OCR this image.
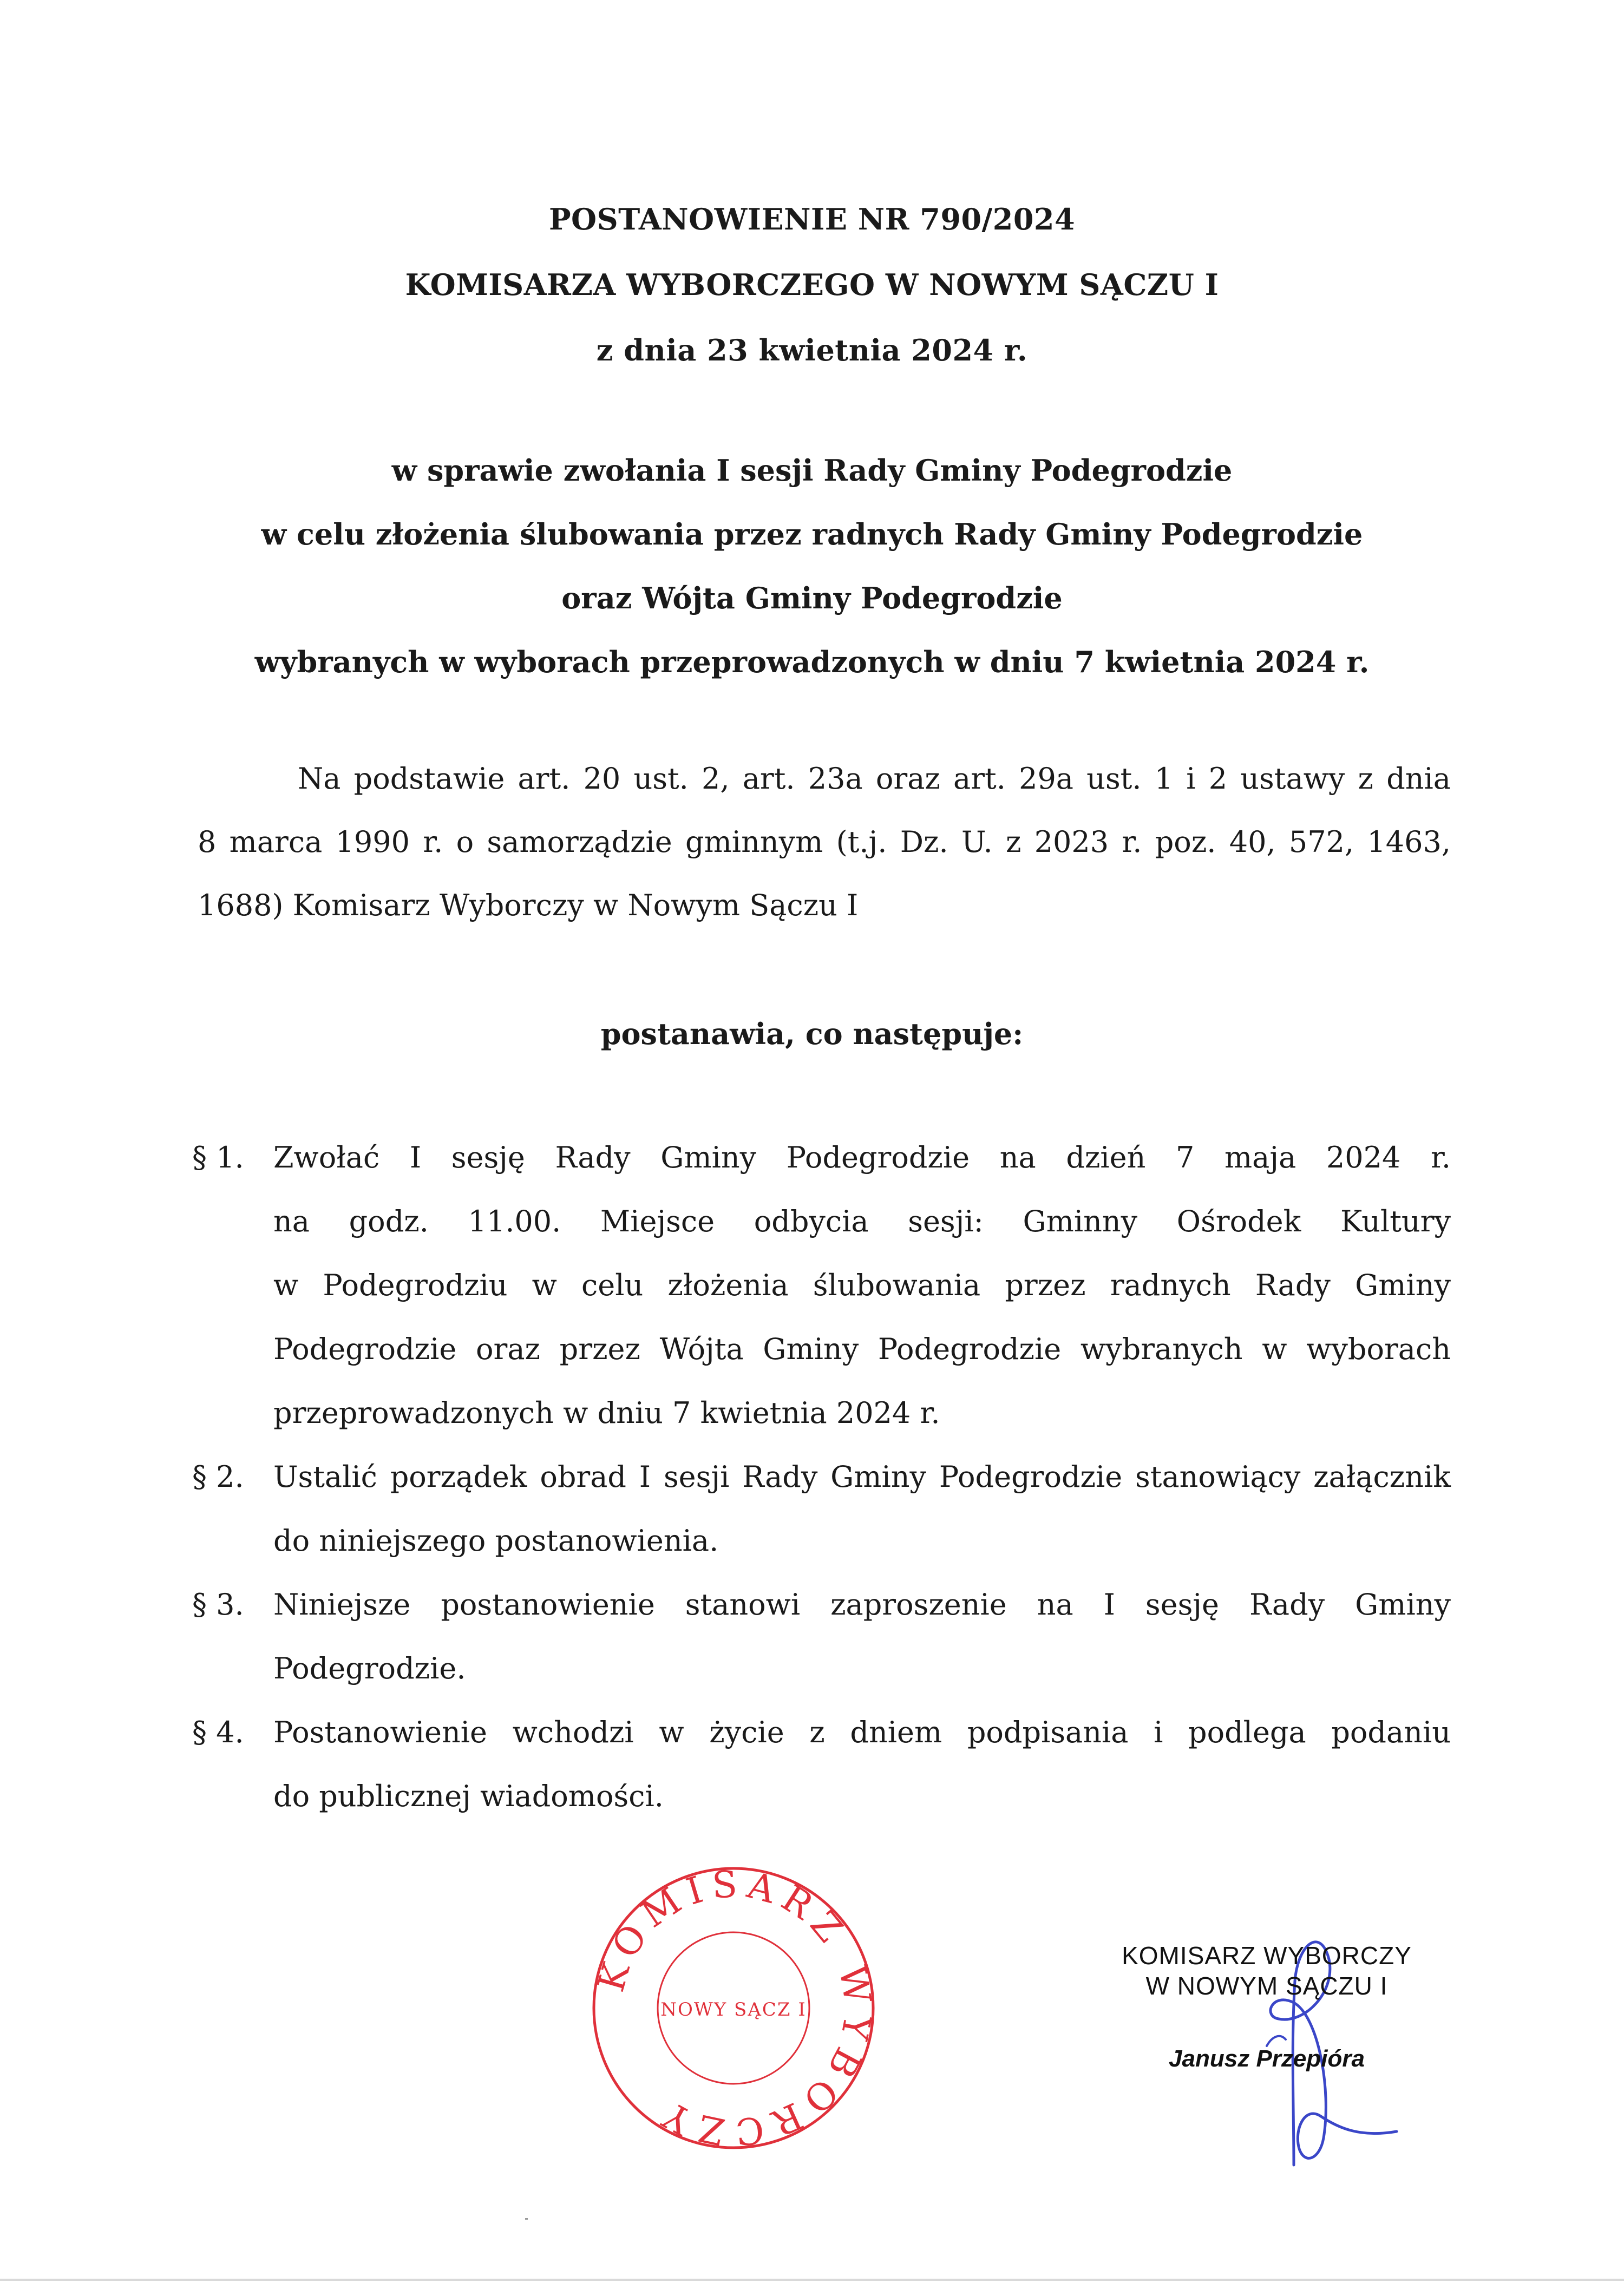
POSTANOWIENIE NR 790/2024
KOMISARZA WYBORCZEGO W NOWYM SĄCZU I
z dnia 23 kwietnia 2024 r.
w sprawie zwołania I sesji Rady Gminy Podegrodzie
w celu złożenia ślubowania przez radnych Rady Gminy Podegrodzie
oraz Wójta Gminy Podegrodzie
wybranych w wyborach przeprowadzonych w dniu 7 kwietnia 2024 r.
Na podstawie art. 20 ust. 2, art. 23a oraz art. 29a ust. 1 i 2 ustawy z dnia
8 marca 1990 r. o samorządzie gminnym (t.j. Dz. U. z 2023 r. poz. 40, 572, 1463,
1688) Komisarz Wyborczy w Nowym Sączu I
postanawia, co następuje:
§ 1. Zwołać I sesję Rady Gminy Podegrodzie na dzień 7 maja 2024 r.
na godz. 11.00. Miejsce odbycia sesji: Gminny Ośrodek Kultury
w Podegrodziu w celu złożenia ślubowania przez radnych Rady Gminy
Podegrodzie oraz przez Wójta Gminy Podegrodzie wybranych w wyborach
przeprowadzonych w dniu 7 kwietnia 2024 r.
§ 2. Ustalić porządek obrad I sesji Rady Gminy Podegrodzie stanowiący załącznik
do niniejszego postanowienia.
§ 3. Niniejsze postanowienie stanowi zaproszenie na I sesję Rady Gminy
Podegrodzie.
§ 4. Postanowienie wchodzi w życie z dniem podpisania i podlega podaniu
do publicznej wiadomości.
KOMISARZ WYBORCZY
NOWY SĄCZ I
KOMISARZ WYBORCZY
W NOWYM SĄCZU I
Janusz Przepióra
